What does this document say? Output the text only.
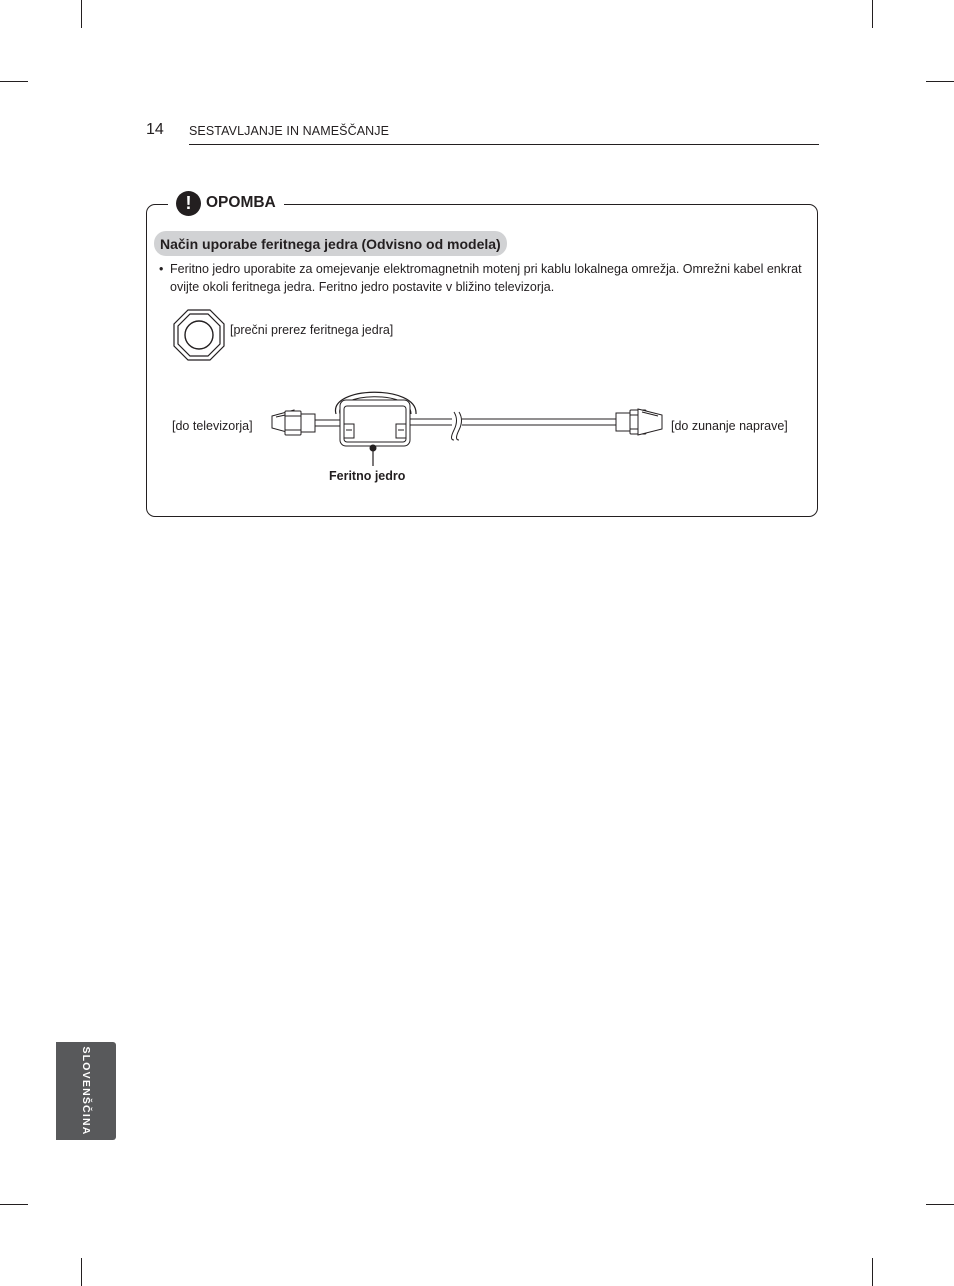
14 SESTAVLJANJE IN NAMEŠČANJE
! OPOMBA
Način uporabe feritnega jedra (Odvisno od modela)
• Feritno jedro uporabite za omejevanje elektromagnetnih motenj pri kablu lokalnega omrežja. Omrežni kabel enkrat ovijte okoli feritnega jedra. Feritno jedro postavite v bližino televizorja.
[prečni prerez feritnega jedra]
[do televizorja]	[do zunanje naprave]
Feritno jedro
SLOVENŠČINA
